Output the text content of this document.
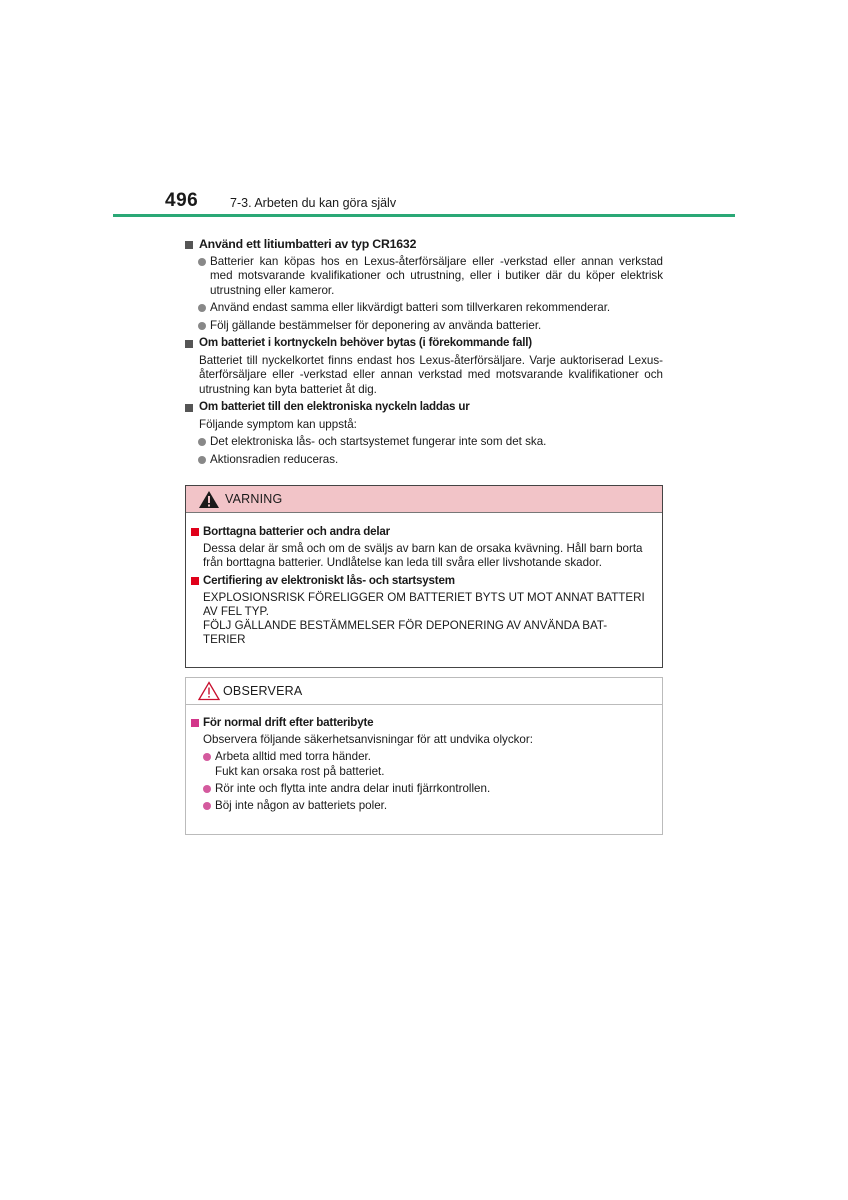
496	7-3. Arbeten du kan göra själv
Använd ett litiumbatteri av typ CR1632
Batterier kan köpas hos en Lexus-återförsäljare eller -verkstad eller annan verkstad med motsvarande kvalifikationer och utrustning, eller i butiker där du köper elektrisk utrustning eller kameror.
Använd endast samma eller likvärdigt batteri som tillverkaren rekommenderar.
Följ gällande bestämmelser för deponering av använda batterier.
Om batteriet i kortnyckeln behöver bytas (i förekommande fall)
Batteriet till nyckelkortet finns endast hos Lexus-återförsäljare. Varje auktoriserad Lexus-återförsäljare eller -verkstad eller annan verkstad med motsvarande kvalifikationer och utrustning kan byta batteriet åt dig.
Om batteriet till den elektroniska nyckeln laddas ur
Följande symptom kan uppstå:
Det elektroniska lås- och startsystemet fungerar inte som det ska.
Aktionsradien reduceras.
VARNING
Borttagna batterier och andra delar
Dessa delar är små och om de sväljs av barn kan de orsaka kvävning. Håll barn borta från borttagna batterier. Undlåtelse kan leda till svåra eller livshotande skador.
Certifiering av elektroniskt lås- och startsystem
EXPLOSIONSRISK FÖRELIGGER OM BATTERIET BYTS UT MOT ANNAT BATTERI
AV FEL TYP.
FÖLJ GÄLLANDE BESTÄMMELSER FÖR DEPONERING AV ANVÄNDA BAT-
TERIER
OBSERVERA
För normal drift efter batteribyte
Observera följande säkerhetsanvisningar för att undvika olyckor:
Arbeta alltid med torra händer.
Fukt kan orsaka rost på batteriet.
Rör inte och flytta inte andra delar inuti fjärrkontrollen.
Böj inte någon av batteriets poler.
